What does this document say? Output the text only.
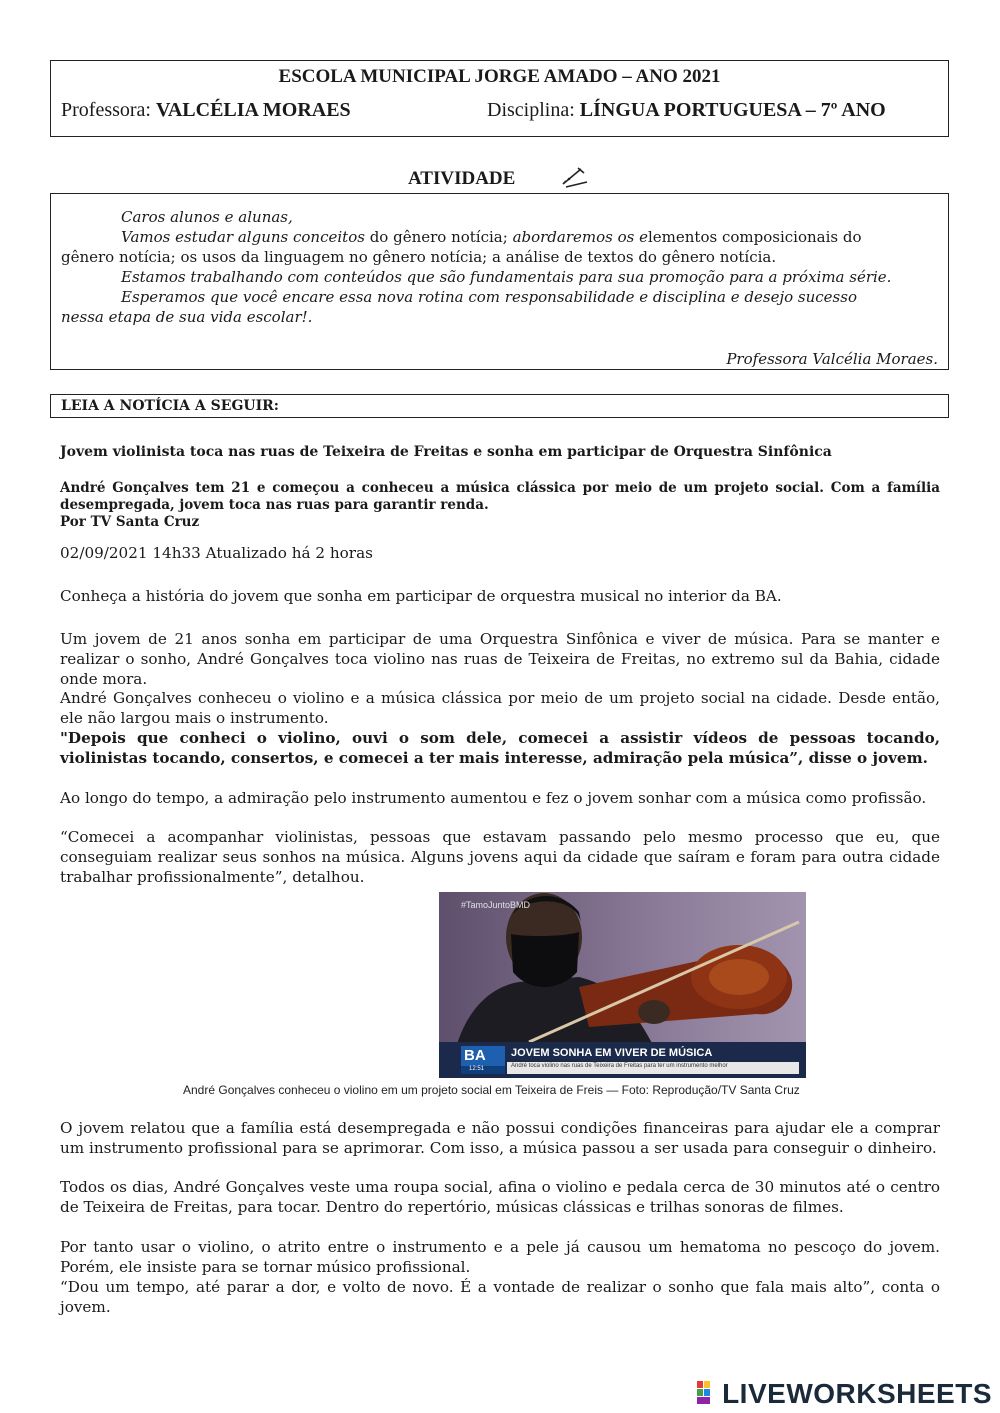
ESCOLA MUNICIPAL JORGE AMADO – ANO 2021
Professora: VALCÉLIA MORAES	Disciplina: LÍNGUA PORTUGUESA – 7º ANO
ATIVIDADE
Caros alunos e alunas,
Vamos estudar alguns conceitos do gênero notícia; abordaremos os elementos composicionais do
gênero notícia; os usos da linguagem no gênero notícia; a análise de textos do gênero notícia.
Estamos trabalhando com conteúdos que são fundamentais para sua promoção para a próxima série.
Esperamos que você encare essa nova rotina com responsabilidade e disciplina e desejo sucesso
nessa etapa de sua vida escolar!.
Professora Valcélia Moraes.
LEIA A NOTÍCIA A SEGUIR:
Jovem violinista toca nas ruas de Teixeira de Freitas e sonha em participar de Orquestra Sinfônica
André Gonçalves tem 21 e começou a conheceu a música clássica por meio de um projeto social. Com a família desempregada, jovem toca nas ruas para garantir renda.
Por TV Santa Cruz
02/09/2021 14h33 Atualizado há 2 horas
Conheça a história do jovem que sonha em participar de orquestra musical no interior da BA.
Um jovem de 21 anos sonha em participar de uma Orquestra Sinfônica e viver de música. Para se manter e realizar o sonho, André Gonçalves toca violino nas ruas de Teixeira de Freitas, no extremo sul da Bahia, cidade onde mora.
André Gonçalves conheceu o violino e a música clássica por meio de um projeto social na cidade. Desde então, ele não largou mais o instrumento.
"Depois que conheci o violino, ouvi o som dele, comecei a assistir vídeos de pessoas tocando, violinistas tocando, consertos, e comecei a ter mais interesse, admiração pela música”, disse o jovem.
Ao longo do tempo, a admiração pelo instrumento aumentou e fez o jovem sonhar com a música como profissão.
“Comecei a acompanhar violinistas, pessoas que estavam passando pelo mesmo processo que eu, que conseguiam realizar seus sonhos na música. Alguns jovens aqui da cidade que saíram e foram para outra cidade trabalhar profissionalmente”, detalhou.
#TamoJuntoBMD
BA
12:51
JOVEM SONHA EM VIVER DE MÚSICA
André toca violino nas ruas de Teixeira de Freitas para ter um instrumento melhor
André Gonçalves conheceu o violino em um projeto social em Teixeira de Freis — Foto: Reprodução/TV Santa Cruz
O jovem relatou que a família está desempregada e não possui condições financeiras para ajudar ele a comprar um instrumento profissional para se aprimorar. Com isso, a música passou a ser usada para conseguir o dinheiro.
Todos os dias, André Gonçalves veste uma roupa social, afina o violino e pedala cerca de 30 minutos até o centro de Teixeira de Freitas, para tocar. Dentro do repertório, músicas clássicas e trilhas sonoras de filmes.
Por tanto usar o violino, o atrito entre o instrumento e a pele já causou um hematoma no pescoço do jovem. Porém, ele insiste para se tornar músico profissional.
“Dou um tempo, até parar a dor, e volto de novo. É a vontade de realizar o sonho que fala mais alto”, conta o jovem.
LIVEWORKSHEETS
